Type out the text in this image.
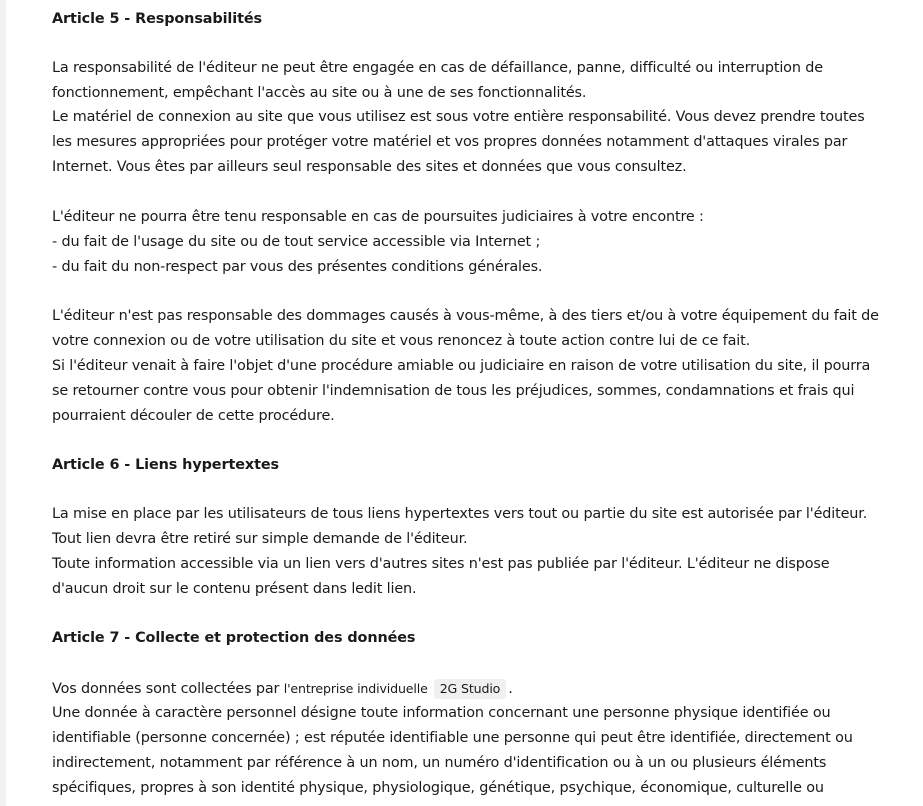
Article 5 - Responsabilités
La responsabilité de l'éditeur ne peut être engagée en cas de défaillance, panne, difficulté ou interruption de
fonctionnement, empêchant l'accès au site ou à une de ses fonctionnalités.
Le matériel de connexion au site que vous utilisez est sous votre entière responsabilité. Vous devez prendre toutes
les mesures appropriées pour protéger votre matériel et vos propres données notamment d'attaques virales par
Internet. Vous êtes par ailleurs seul responsable des sites et données que vous consultez.
L'éditeur ne pourra être tenu responsable en cas de poursuites judiciaires à votre encontre :
- du fait de l'usage du site ou de tout service accessible via Internet ;
- du fait du non-respect par vous des présentes conditions générales.
L'éditeur n'est pas responsable des dommages causés à vous-même, à des tiers et/ou à votre équipement du fait de
votre connexion ou de votre utilisation du site et vous renoncez à toute action contre lui de ce fait.
Si l'éditeur venait à faire l'objet d'une procédure amiable ou judiciaire en raison de votre utilisation du site, il pourra
se retourner contre vous pour obtenir l'indemnisation de tous les préjudices, sommes, condamnations et frais qui
pourraient découler de cette procédure.
Article 6 - Liens hypertextes
La mise en place par les utilisateurs de tous liens hypertextes vers tout ou partie du site est autorisée par l'éditeur.
Tout lien devra être retiré sur simple demande de l'éditeur.
Toute information accessible via un lien vers d'autres sites n'est pas publiée par l'éditeur. L'éditeur ne dispose
d'aucun droit sur le contenu présent dans ledit lien.
Article 7 - Collecte et protection des données
Vos données sont collectées par l'entreprise individuelle 2G Studio .
Une donnée à caractère personnel désigne toute information concernant une personne physique identifiée ou
identifiable (personne concernée) ; est réputée identifiable une personne qui peut être identifiée, directement ou
indirectement, notamment par référence à un nom, un numéro d'identification ou à un ou plusieurs éléments
spécifiques, propres à son identité physique, physiologique, génétique, psychique, économique, culturelle ou
